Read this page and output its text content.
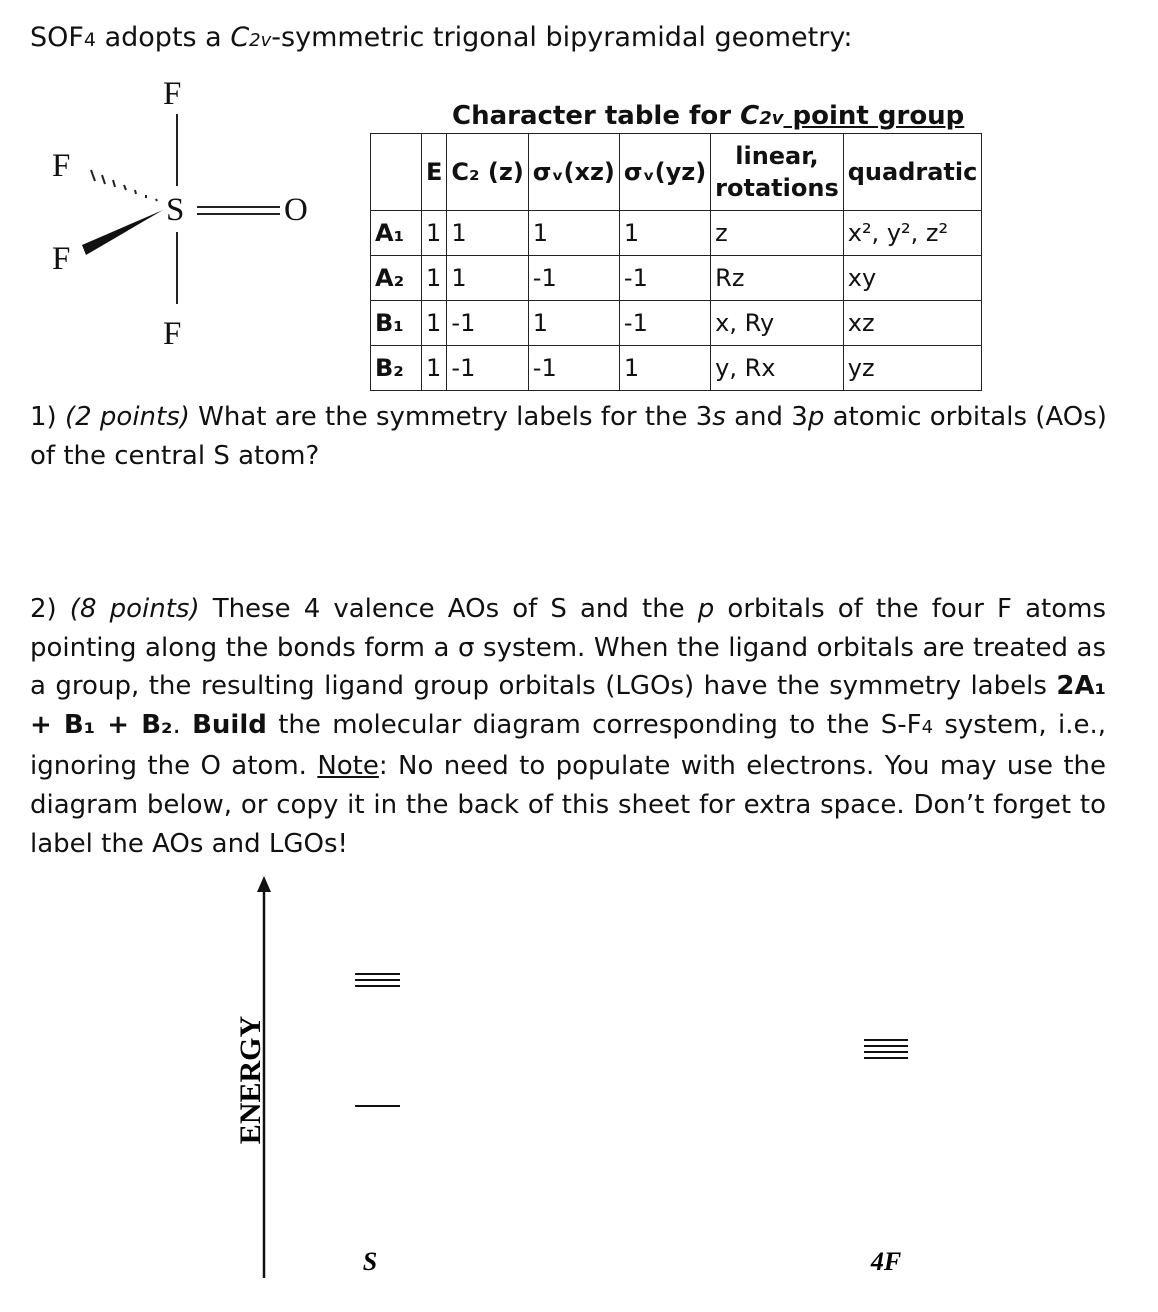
SOF4 adopts a C2v-symmetric trigonal bipyramidal geometry:
F
F
F
F
S	O
Character table for C2v point group
	E	C₂ (z)	σᵥ(xz)	σᵥ(yz)	linear,
rotations	quadratic
A₁	1	1	1	1	z	x², y², z²
A₂	1	1	-1	-1	Rz	xy
B₁	1	-1	1	-1	x, Ry	xz
B₂	1	-1	-1	1	y, Rx	yz
1) (2 points) What are the symmetry labels for the 3s and 3p atomic orbitals (AOs) of the central S atom?
2) (8 points) These 4 valence AOs of S and the p orbitals of the four F atoms pointing along the bonds form a σ system. When the ligand orbitals are treated as a group, the resulting ligand group orbitals (LGOs) have the symmetry labels 2A₁ + B₁ + B₂. Build the molecular diagram corresponding to the S-F4 system, i.e., ignoring the O atom. Note: No need to populate with electrons. You may use the diagram below, or copy it in the back of this sheet for extra space. Don’t forget to label the AOs and LGOs!
ENERGY
S	4F
